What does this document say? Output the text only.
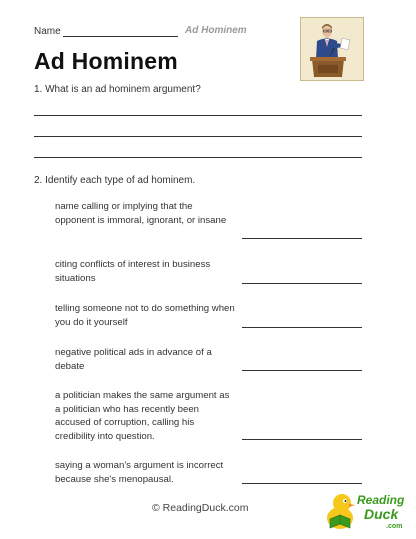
Name	Ad Hominem
Ad Hominem
1. What is an ad hominem argument?
2. Identify each type of ad hominem.
name calling or implying that the opponent is immoral, ignorant, or insane
citing conflicts of interest in business situations
telling someone not to do something when you do it yourself
negative political ads in advance of a debate
a politician makes the same argument as a politician who has recently been accused of corruption, calling his credibility into question.
saying a woman's argument is incorrect because she's menopausal.
© ReadingDuck.com
Reading
Duck
.com
